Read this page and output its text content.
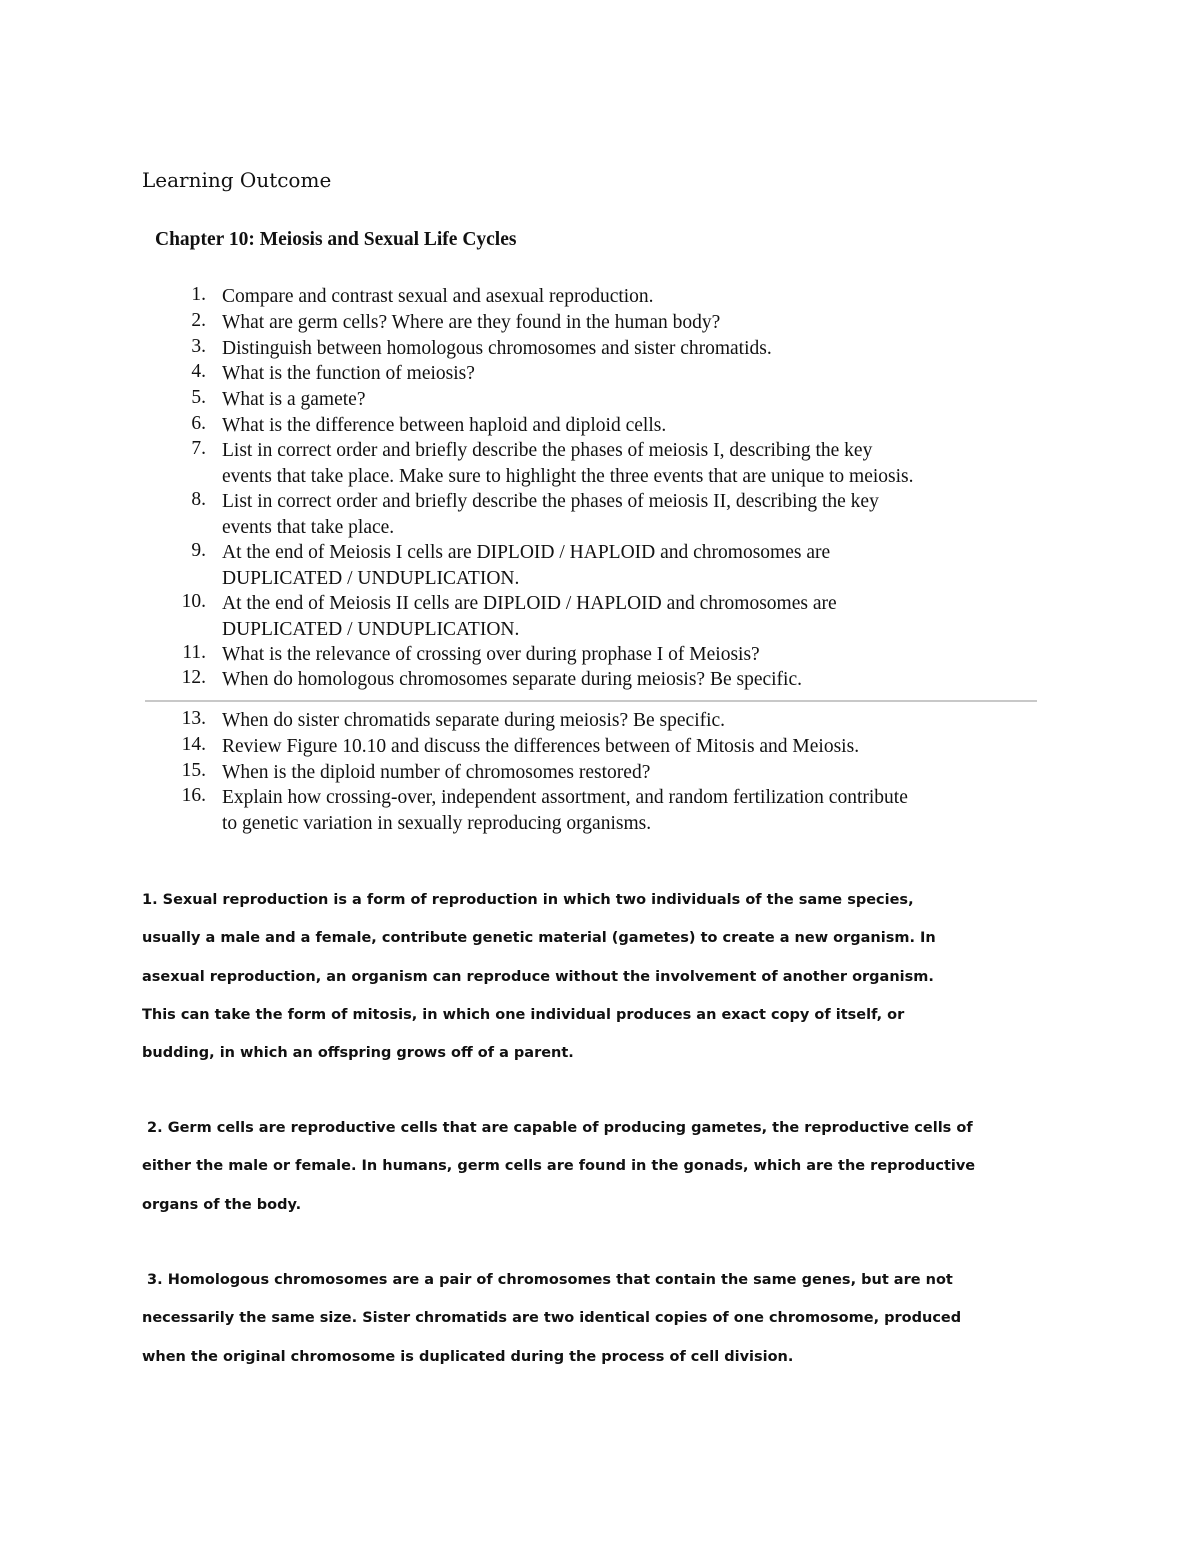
Learning Outcome
Chapter 10: Meiosis and Sexual Life Cycles
1. Compare and contrast sexual and asexual reproduction.
2. What are germ cells? Where are they found in the human body?
3. Distinguish between homologous chromosomes and sister chromatids.
4. What is the function of meiosis?
5. What is a gamete?
6. What is the difference between haploid and diploid cells.
7. List in correct order and briefly describe the phases of meiosis I, describing the key
events that take place. Make sure to highlight the three events that are unique to meiosis.
8. List in correct order and briefly describe the phases of meiosis II, describing the key
events that take place.
9. At the end of Meiosis I cells are DIPLOID / HAPLOID and chromosomes are
DUPLICATED / UNDUPLICATION.
10. At the end of Meiosis II cells are DIPLOID / HAPLOID and chromosomes are
DUPLICATED / UNDUPLICATION.
11. What is the relevance of crossing over during prophase I of Meiosis?
12. When do homologous chromosomes separate during meiosis? Be specific.
13. When do sister chromatids separate during meiosis? Be specific.
14. Review Figure 10.10 and discuss the differences between of Mitosis and Meiosis.
15. When is the diploid number of chromosomes restored?
16. Explain how crossing-over, independent assortment, and random fertilization contribute
to genetic variation in sexually reproducing organisms.
1. Sexual reproduction is a form of reproduction in which two individuals of the same species,
usually a male and a female, contribute genetic material (gametes) to create a new organism. In
asexual reproduction, an organism can reproduce without the involvement of another organism.
This can take the form of mitosis, in which one individual produces an exact copy of itself, or
budding, in which an offspring grows off of a parent.
2. Germ cells are reproductive cells that are capable of producing gametes, the reproductive cells of
either the male or female. In humans, germ cells are found in the gonads, which are the reproductive
organs of the body.
3. Homologous chromosomes are a pair of chromosomes that contain the same genes, but are not
necessarily the same size. Sister chromatids are two identical copies of one chromosome, produced
when the original chromosome is duplicated during the process of cell division.
